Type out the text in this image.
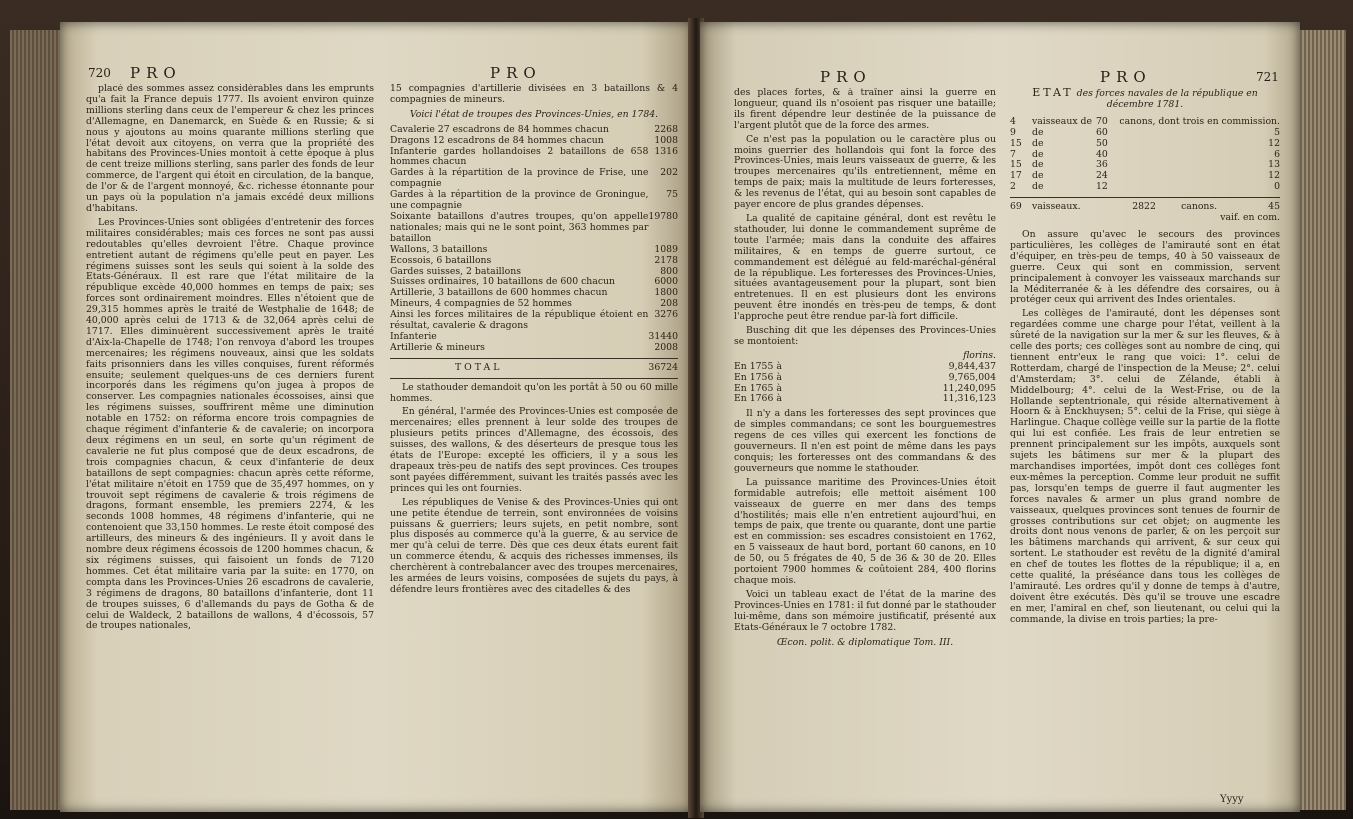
720 PRO	PRO

placé des sommes assez considérables dans les emprunts qu'a fait la France depuis 1777. Ils avoient environ quinze millions sterling dans ceux de l'empereur & chez les princes d'Allemagne, en Danemarck, en Suède & en Russie; & si nous y ajoutons au moins quarante millions sterling que l'état devoit aux citoyens, on verra que la propriété des habitans des Provinces-Unies montoit à cette époque à plus de cent treize millions sterling, sans parler des fonds de leur commerce, de l'argent qui étoit en circulation, de la banque, de l'or & de l'argent monnoyé, &c. richesse étonnante pour un pays où la population n'a jamais excédé deux millions d'habitans.

Les Provinces-Unies sont obligées d'entretenir des forces militaires considérables; mais ces forces ne sont pas aussi redoutables qu'elles devroient l'être. Chaque province entretient autant de régimens qu'elle peut en payer. Les régimens suisses sont les seuls qui soient à la solde des Etats-Généraux. Il est rare que l'état militaire de la république excède 40,000 hommes en temps de paix; ses forces sont ordinairement moindres. Elles n'étoient que de 29,315 hommes après le traité de Westphalie de 1648; de 40,000 après celui de 1713 & de 32,064 après celui de 1717. Elles diminuèrent successivement après le traité d'Aix-la-Chapelle de 1748; l'on renvoya d'abord les troupes mercenaires; les régimens nouveaux, ainsi que les soldats faits prisonniers dans les villes conquises, furent réformés ensuite; seulement quelques-uns de ces derniers furent incorporés dans les régimens qu'on jugea à propos de conserver. Les compagnies nationales écossoises, ainsi que les régimens suisses, souffrirent même une diminution notable en 1752: on réforma encore trois compagnies de chaque régiment d'infanterie & de cavalerie; on incorpora deux régimens en un seul, en sorte qu'un régiment de cavalerie ne fut plus composé que de deux escadrons, de trois compagnies chacun, & ceux d'infanterie de deux bataillons de sept compagnies: chacun après cette réforme, l'état militaire n'étoit en 1759 que de 35,497 hommes, on y trouvoit sept régimens de cavalerie & trois régimens de dragons, formant ensemble, les premiers 2274, & les seconds 1008 hommes, 48 régimens d'infanterie, qui ne contenoient que 33,150 hommes. Le reste étoit composé des artilleurs, des mineurs & des ingénieurs. Il y avoit dans le nombre deux régimens écossois de 1200 hommes chacun, & six régimens suisses, qui faisoient un fonds de 7120 hommes. Cet état militaire varia par la suite: en 1770, on compta dans les Provinces-Unies 26 escadrons de cavalerie, 3 régimens de dragons, 80 bataillons d'infanterie, dont 11 de troupes suisses, 6 d'allemands du pays de Gotha & de celui de Waldeck, 2 bataillons de wallons, 4 d'écossois, 57 de troupes nationales,

15 compagnies d'artillerie divisées en 3 bataillons & 4 compagnies de mineurs.

Voici l'état de troupes des Provinces-Unies, en 1784.
Cavalerie 27 escadrons de 84 hommes chacun	2268
Dragons 12 escadrons de 84 hommes chacun	1008
Infanterie gardes hollandoises 2 bataillons de 658 hommes chacun	1316
Gardes à la répartition de la province de Frise, une compagnie	202
Gardes à la répartition de la province de Groningue, une compagnie	75
Soixante bataillons d'autres troupes, qu'on appelle nationales; mais qui ne le sont point, 363 hommes par bataillon	19780
Wallons, 3 bataillons	1089
Ecossois, 6 bataillons	2178
Gardes suisses, 2 bataillons	800
Suisses ordinaires, 10 bataillons de 600 chacun	6000
Artillerie, 3 bataillons de 600 hommes chacun	1800
Mineurs, 4 compagnies de 52 hommes	208
Ainsi les forces militaires de la république étoient en résultat, cavalerie & dragons	3276
Infanterie	31440
Artillerie & mineurs	2008
TOTAL	36724

Le stathouder demandoit qu'on les portât à 50 ou 60 mille hommes.

En général, l'armée des Provinces-Unies est composée de mercenaires; elles prennent à leur solde des troupes de plusieurs petits princes d'Allemagne, des écossois, des suisses, des wallons, & des déserteurs de presque tous les états de l'Europe: excepté les officiers, il y a sous les drapeaux très-peu de natifs des sept provinces. Ces troupes sont payées différemment, suivant les traités passés avec les princes qui les ont fournies.

Les républiques de Venise & des Provinces-Unies qui ont une petite étendue de terrein, sont environnées de voisins puissans & guerriers; leurs sujets, en petit nombre, sont plus disposés au commerce qu'à la guerre, & au service de mer qu'à celui de terre. Dès que ces deux états eurent fait un commerce étendu, & acquis des richesses immenses, ils cherchèrent à contrebalancer avec des troupes mercenaires, les armées de leurs voisins, composées de sujets du pays, à défendre leurs frontières avec des citadelles & des

PRO	PRO	721

des places fortes, & à traîner ainsi la guerre en longueur, quand ils n'osoient pas risquer une bataille; ils firent dépendre leur destinée de la puissance de l'argent plutôt que de la force des armes.

Ce n'est pas la population ou le caractère plus ou moins guerrier des hollandois qui font la force des Provinces-Unies, mais leurs vaisseaux de guerre, & les troupes mercenaires qu'ils entretiennent, même en temps de paix; mais la multitude de leurs forteresses, & les revenus de l'état, qui au besoin sont capables de payer encore de plus grandes dépenses.

La qualité de capitaine général, dont est revêtu le stathouder, lui donne le commandement suprême de toute l'armée; mais dans la conduite des affaires militaires, & en temps de guerre surtout, ce commandement est délégué au feld-maréchal-général de la république. Les forteresses des Provinces-Unies, situées avantageusement pour la plupart, sont bien entretenues. Il en est plusieurs dont les environs peuvent être inondés en très-peu de temps, & dont l'approche peut être rendue par-là fort difficile.

Busching dit que les dépenses des Provinces-Unies se montoient:

florins.
En 1755 à	9,844,437
En 1756 à	9,765,004
En 1765 à	11,240,095
En 1766 à	11,316,123

Il n'y a dans les forteresses des sept provinces que de simples commandans; ce sont les bourguemestres regens de ces villes qui exercent les fonctions de gouverneurs. Il n'en est point de même dans les pays conquis; les forteresses ont des commandans & des gouverneurs que nomme le stathouder.

La puissance maritime des Provinces-Unies étoit formidable autrefois; elle mettoit aisément 100 vaisseaux de guerre en mer dans des temps d'hostilités; mais elle n'en entretient aujourd'hui, en temps de paix, que trente ou quarante, dont une partie est en commission: ses escadres consistoient en 1762, en 5 vaisseaux de haut bord, portant 60 canons, en 10 de 50, ou 5 frégates de 40, 5 de 36 & 30 de 20. Elles portoient 7900 hommes & coûtoient 284, 400 florins chaque mois.

Voici un tableau exact de l'état de la marine des Provinces-Unies en 1781: il fut donné par le stathouder lui-même, dans son mémoire justificatif, présenté aux Etats-Généraux le 7 octobre 1782.

Œcon. polit. & diplomatique Tom. III.
ETAT des forces navales de la république en décembre 1781.
4	vaisseaux de	70	canons, dont trois en commission.
9	de	60	5
15	de	50	12
7	de	40	6
15	de	36	13
17	de	24	12
2	de	12	0
69	vaisseaux.	2822	canons.	45
vaif. en com.

On assure qu'avec le secours des provinces particulières, les collèges de l'amirauté sont en état d'équiper, en très-peu de temps, 40 à 50 vaisseaux de guerre. Ceux qui sont en commission, servent principalement à convoyer les vaisseaux marchands sur la Méditerranée & à les défendre des corsaires, ou à protéger ceux qui arrivent des Indes orientales.

Les collèges de l'amirauté, dont les dépenses sont regardées comme une charge pour l'état, veillent à la sûreté de la navigation sur la mer & sur les fleuves, & à celle des ports; ces collèges sont au nombre de cinq, qui tiennent entr'eux le rang que voici: 1°. celui de Rotterdam, chargé de l'inspection de la Meuse; 2°. celui d'Amsterdam; 3°. celui de Zélande, établi à Middelbourg; 4°. celui de la West-Frise, ou de la Hollande septentrionale, qui réside alternativement à Hoorn & à Enckhuysen; 5°. celui de la Frise, qui siège à Harlingue. Chaque collège veille sur la partie de la flotte qui lui est confiée. Les frais de leur entretien se prennent principalement sur les impôts, auxquels sont sujets les bâtimens sur mer & la plupart des marchandises importées, impôt dont ces collèges font eux-mêmes la perception. Comme leur produit ne suffit pas, lorsqu'en temps de guerre il faut augmenter les forces navales & armer un plus grand nombre de vaisseaux, quelques provinces sont tenues de fournir de grosses contributions sur cet objet; on augmente les droits dont nous venons de parler, & on les perçoit sur les bâtimens marchands qui arrivent, & sur ceux qui sortent. Le stathouder est revêtu de la dignité d'amiral en chef de toutes les flottes de la république; il a, en cette qualité, la préséance dans tous les collèges de l'amirauté. Les ordres qu'il y donne de temps à d'autre, doivent être exécutés. Dès qu'il se trouve une escadre en mer, l'amiral en chef, son lieutenant, ou celui qui la commande, la divise en trois parties; la pre-

Yyyy
